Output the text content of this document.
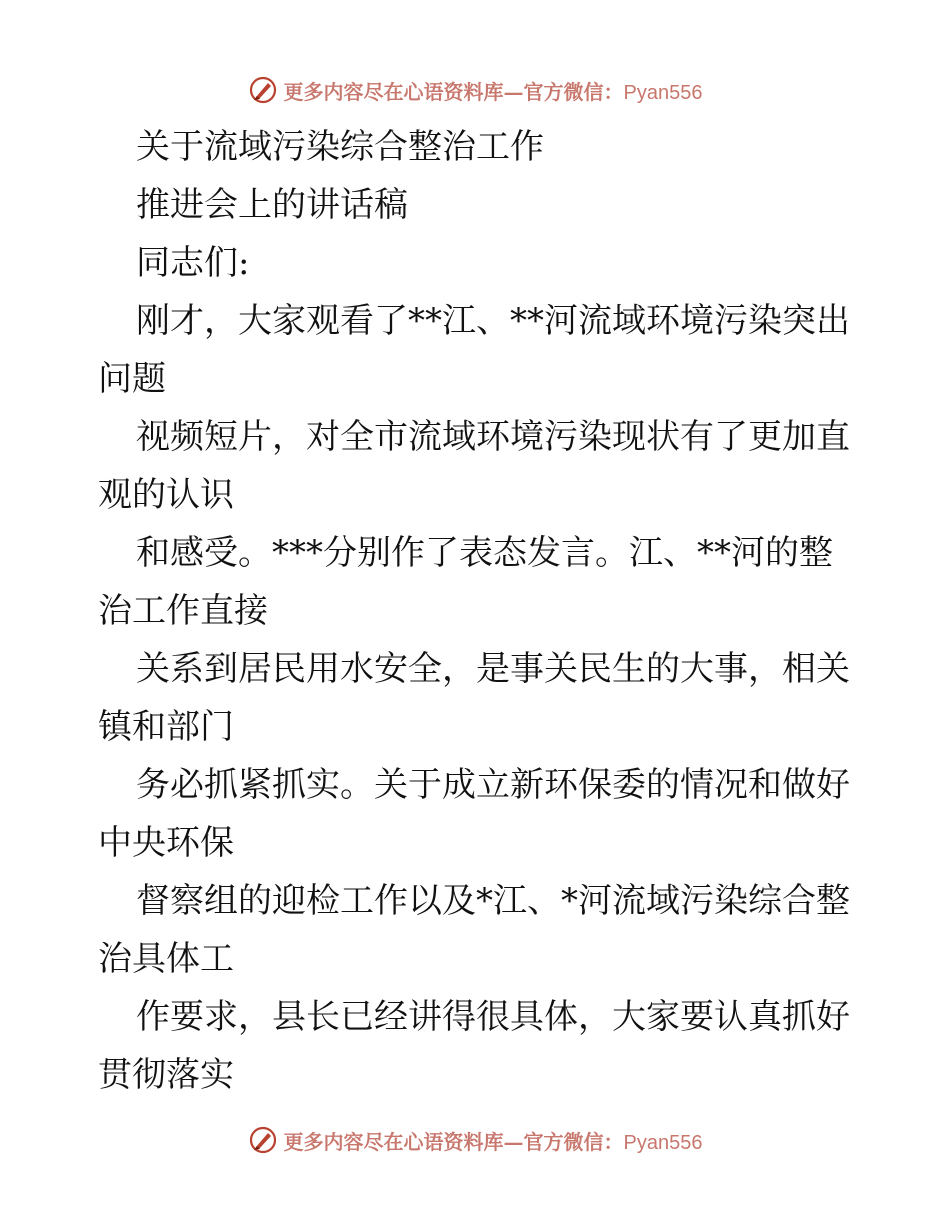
更多内容尽在心语资料库—官方微信：Pyan556

关于流域污染综合整治工作

推进会上的讲话稿

同志们:

刚才，大家观看了**江、**河流域环境污染突出

问题

视频短片，对全市流域环境污染现状有了更加直

观的认识

和感受。***分别作了表态发言。江、**河的整

治工作直接

关系到居民用水安全，是事关民生的大事，相关

镇和部门

务必抓紧抓实。关于成立新环保委的情况和做好

中央环保

督察组的迎检工作以及*江、*河流域污染综合整

治具体工

作要求，县长已经讲得很具体，大家要认真抓好

贯彻落实

更多内容尽在心语资料库—官方微信：Pyan556
